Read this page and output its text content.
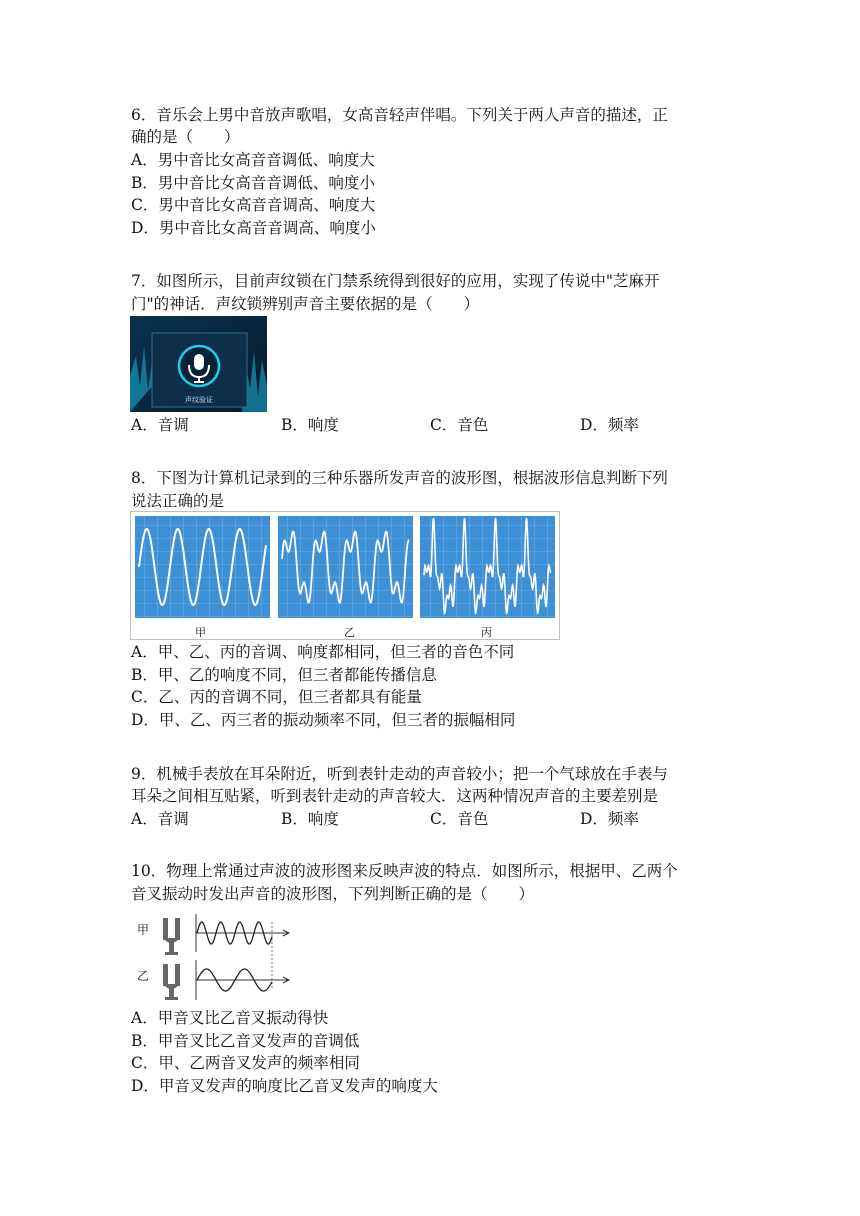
6．音乐会上男中音放声歌唱，女高音轻声伴唱。下列关于两人声音的描述，正
确的是（　　）
A．男中音比女高音音调低、响度大
B．男中音比女高音音调低、响度小
C．男中音比女高音音调高、响度大
D．男中音比女高音音调高、响度小
7．如图所示，目前声纹锁在门禁系统得到很好的应用，实现了传说中"芝麻开
门"的神话．声纹锁辨别声音主要依据的是（　　）
声纹验证
A．音调	B．响度	C．音色	D．频率
8．下图为计算机记录到的三种乐器所发声音的波形图，根据波形信息判断下列
说法正确的是
甲	乙	丙
A．甲、乙、丙的音调、响度都相同，但三者的音色不同
B．甲、乙的响度不同，但三者都能传播信息
C．乙、丙的音调不同，但三者都具有能量
D．甲、乙、丙三者的振动频率不同，但三者的振幅相同
9．机械手表放在耳朵附近，听到表针走动的声音较小；把一个气球放在手表与
耳朵之间相互贴紧，听到表针走动的声音较大．这两种情况声音的主要差别是
A．音调	B．响度	C．音色	D．频率
10．物理上常通过声波的波形图来反映声波的特点．如图所示，根据甲、乙两个
音叉振动时发出声音的波形图，下列判断正确的是（　　）
甲
乙
A．甲音叉比乙音叉振动得快
B．甲音叉比乙音叉发声的音调低
C．甲、乙两音叉发声的频率相同
D．甲音叉发声的响度比乙音叉发声的响度大
